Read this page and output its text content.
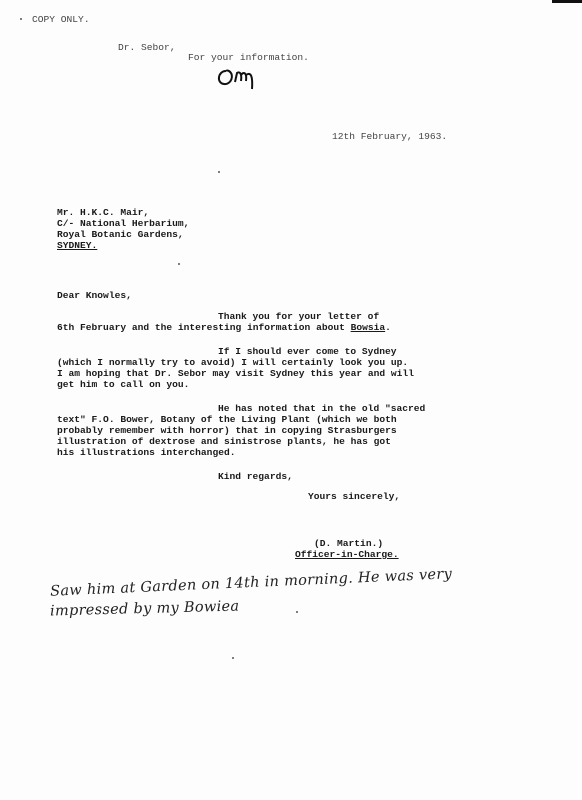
COPY ONLY.
Dr. Sebor,
For your information.
12th February, 1963.
Mr. H.K.C. Mair,
C/- National Herbarium,
Royal Botanic Gardens,
SYDNEY.
Dear Knowles,
Thank you for your letter of
6th February and the interesting information about Bowsia.
If I should ever come to Sydney
(which I normally try to avoid) I will certainly look you up.
I am hoping that Dr. Sebor may visit Sydney this year and will
get him to call on you.
He has noted that in the old "sacred
text" F.O. Bower, Botany of the Living Plant (which we both
probably remember with horror) that in copying Strasburgers
illustration of dextrose and sinistrose plants, he has got
his illustrations interchanged.
Kind regards,
Yours sincerely,
(D. Martin.)
Officer-in-Charge.
Saw him at Garden on 14th in morning. He was very
impressed by my Bowiea
